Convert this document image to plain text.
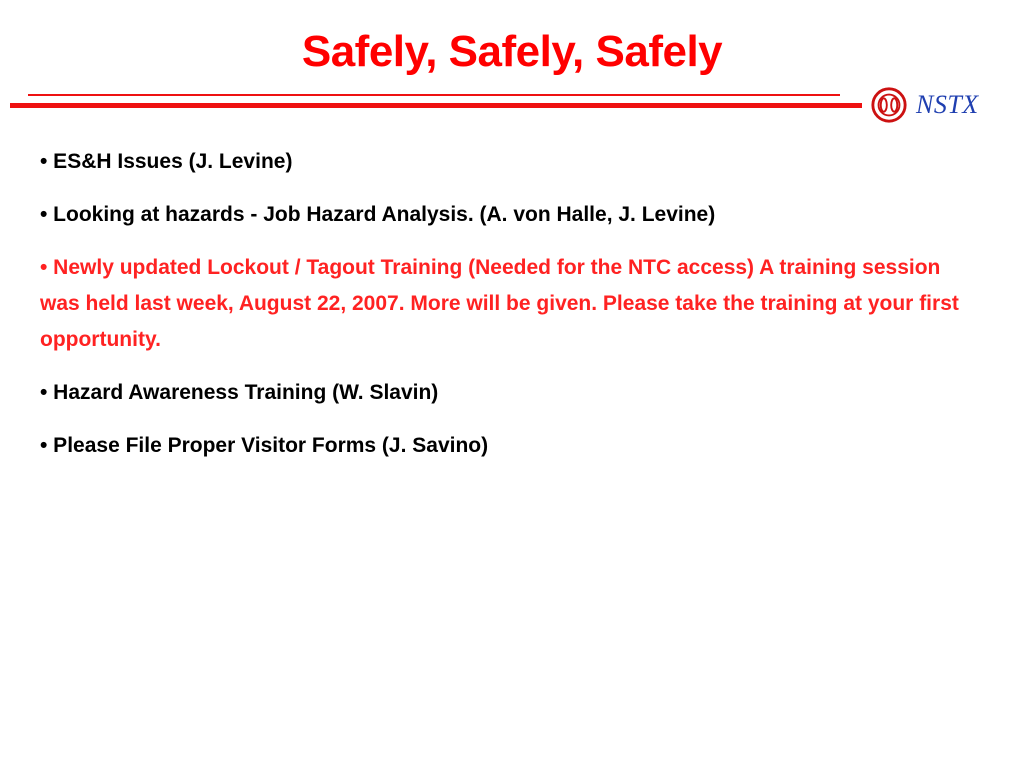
Safely, Safely, Safely
NSTX
• ES&H Issues (J. Levine)
• Looking at hazards - Job Hazard Analysis. (A. von Halle, J. Levine)
• Newly updated Lockout / Tagout Training (Needed for the NTC access) A training session was held last week, August 22, 2007. More will be given. Please take the training at your first opportunity.
• Hazard Awareness Training (W. Slavin)
• Please File Proper Visitor Forms (J. Savino)
